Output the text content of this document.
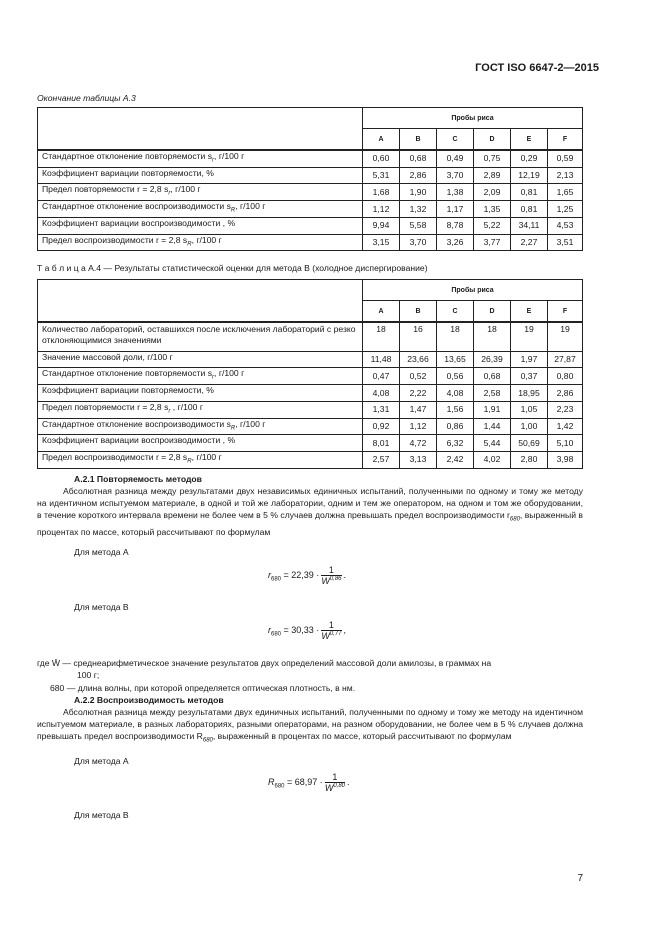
ГОСТ ISO 6647-2—2015
Окончание таблицы А.3
	Пробы риса					
	A	B	C	D	E	F
Стандартное отклонение повторяемости $s_r$, г/100 г	0,60	0,68	0,49	0,75	0,29	0,59
Коэффициент вариации повторяемости, %	5,31	2,86	3,70	2,89	12,19	2,13
Предел повторяемости r = 2,8 $s_r$, г/100 г	1,68	1,90	1,38	2,09	0,81	1,65
Стандартное отклонение воспроизводимости $s_R$, г/100 г	1,12	1,32	1,17	1,35	0,81	1,25
Коэффициент вариации воспроизводимости , %	9,94	5,58	8,78	5,22	34,11	4,53
Предел воспроизводимости r = 2,8 $s_R$, г/100 г	3,15	3,70	3,26	3,77	2,27	3,51
Т а б л и ц а А.4 — Результаты статистической оценки для метода В (холодное диспергирование)
	Пробы риса					
	A	B	C	D	E	F
Количество лабораторий, оставшихся после исключения лабораторий с резко отклоняющимися значениями	18	16	18	18	19	19
Значение массовой доли, г/100 г	11,48	23,66	13,65	26,39	1,97	27,87
Стандартное отклонение повторяемости $s_r$, г/100 г	0,47	0,52	0,56	0,68	0,37	0,80
Коэффициент вариации повторяемости, %	4,08	2,22	4,08	2,58	18,95	2,86
Предел повторяемости r = 2,8 $s_r$ , г/100 г	1,31	1,47	1,56	1,91	1,05	2,23
Стандартное отклонение воспроизводимости $s_R$, г/100 г	0,92	1,12	0,86	1,44	1,00	1,42
Коэффициент вариации воспроизводимости , %	8,01	4,72	6,32	5,44	50,69	5,10
Предел воспроизводимости r = 2,8 $s_R$, г/100 г	2,57	3,13	2,42	4,02	2,80	3,98
А.2.1 Повторяемость методов
Абсолютная разница между результатами двух независимых единичных испытаний, полученными по одному и тому же методу на идентичном испытуемом материале, в одной и той же лаборатории, одним и тем же оператором, на одном и том же оборудовании, в течение короткого интервала времени не более чем в 5 % случаев должна превышать предел воспроизводимости $r_{680}$, выраженный в процентах по массе, который рассчитывают по формулам
Для метода А
$r_{680} = 22,39 \cdot \frac{1}{\overline{W}^{0,86}}$ .
Для метода В
$r_{680} = 30,33 \cdot \frac{1}{\overline{W}^{0,77}}$ ,
где W̄ — среднеарифметическое значение результатов двух определений массовой доли амилозы, в граммах на
100 г;
680 — длина волны, при которой определяется оптическая плотность, в нм.
А.2.2 Воспроизводимость методов
Абсолютная разница между результатами двух единичных испытаний, полученными по одному и тому же методу на идентичном испытуемом материале, в разных лабораториях, разными операторами, на разном оборудовании, не более чем в 5 % случаев должна превышать предел воспроизводимости $R_{680}$, выраженный в процентах по массе, который рассчитывают по формулам
Для метода А
$R_{680} = 68,97 \cdot \frac{1}{\overline{W}^{0,80}}$ .
Для метода В
7
